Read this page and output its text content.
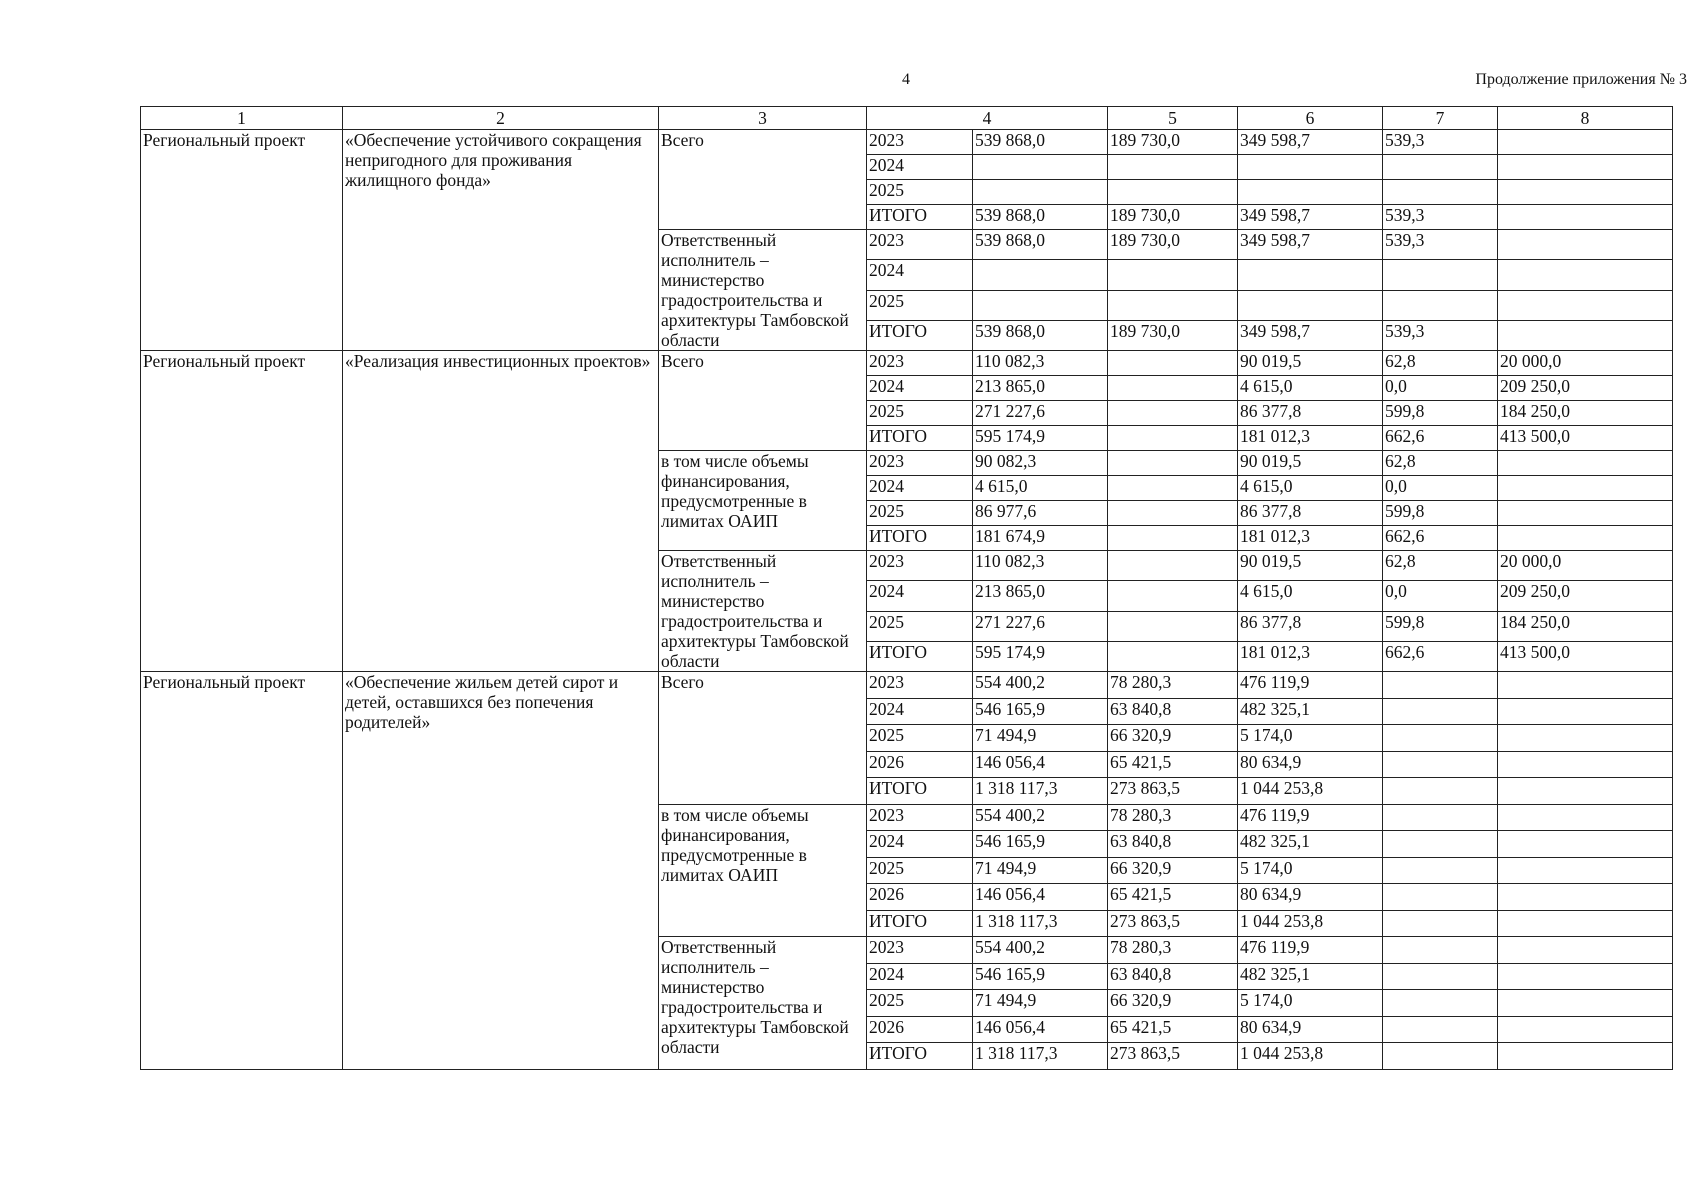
4	Продолжение приложения № 3
1	2	3	4		5	6	7	8
Региональный проект	«Обеспечение устойчивого сокращения непригодного для проживания жилищного фонда»	Всего	2023	539 868,0	189 730,0	349 598,7	539,3	
			2024					
			2025					
			ИТОГО	539 868,0	189 730,0	349 598,7	539,3	
		Ответственный исполнитель – министерство градостроительства и архитектуры Тамбовской области	2023	539 868,0	189 730,0	349 598,7	539,3	
			2024					
			2025					
			ИТОГО	539 868,0	189 730,0	349 598,7	539,3	
Региональный проект	«Реализация инвестиционных проектов»	Всего	2023	110 082,3		90 019,5	62,8	20 000,0
			2024	213 865,0		4 615,0	0,0	209 250,0
			2025	271 227,6		86 377,8	599,8	184 250,0
			ИТОГО	595 174,9		181 012,3	662,6	413 500,0
		в том числе объемы финансирования, предусмотренные в лимитах ОАИП	2023	90 082,3		90 019,5	62,8	
			2024	4 615,0		4 615,0	0,0	
			2025	86 977,6		86 377,8	599,8	
			ИТОГО	181 674,9		181 012,3	662,6	
		Ответственный исполнитель – министерство градостроительства и архитектуры Тамбовской области	2023	110 082,3		90 019,5	62,8	20 000,0
			2024	213 865,0		4 615,0	0,0	209 250,0
			2025	271 227,6		86 377,8	599,8	184 250,0
			ИТОГО	595 174,9		181 012,3	662,6	413 500,0
Региональный проект	«Обеспечение жильем детей сирот и детей, оставшихся без попечения родителей»	Всего	2023	554 400,2	78 280,3	476 119,9		
			2024	546 165,9	63 840,8	482 325,1		
			2025	71 494,9	66 320,9	5 174,0		
			2026	146 056,4	65 421,5	80 634,9		
			ИТОГО	1 318 117,3	273 863,5	1 044 253,8		
		в том числе объемы финансирования, предусмотренные в лимитах ОАИП	2023	554 400,2	78 280,3	476 119,9		
			2024	546 165,9	63 840,8	482 325,1		
			2025	71 494,9	66 320,9	5 174,0		
			2026	146 056,4	65 421,5	80 634,9		
			ИТОГО	1 318 117,3	273 863,5	1 044 253,8		
		Ответственный исполнитель – министерство градостроительства и архитектуры Тамбовской области	2023	554 400,2	78 280,3	476 119,9		
			2024	546 165,9	63 840,8	482 325,1		
			2025	71 494,9	66 320,9	5 174,0		
			2026	146 056,4	65 421,5	80 634,9		
			ИТОГО	1 318 117,3	273 863,5	1 044 253,8		
